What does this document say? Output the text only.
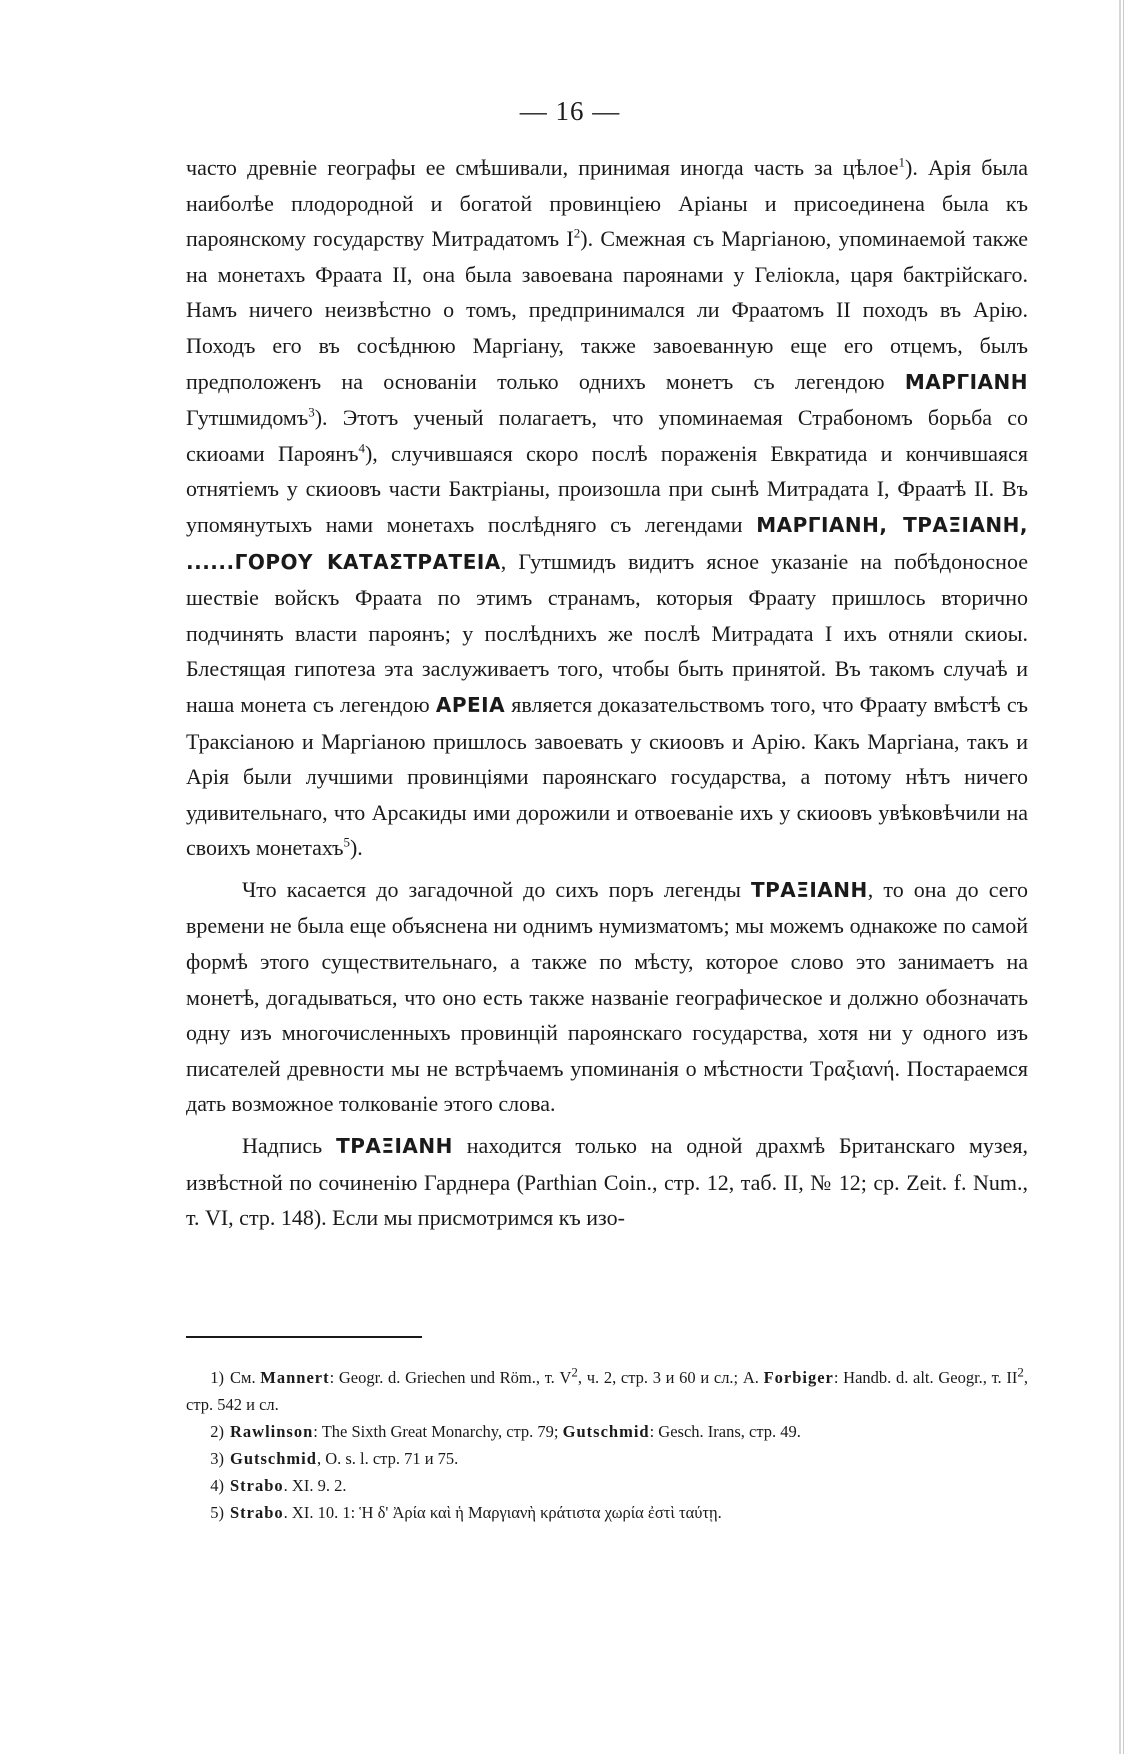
— 16 —

часто древніе географы ее смѣшивали, принимая иногда часть за цѣлое$^1$). Арія была наиболѣе плодородной и богатой провинціею Аріаны и присоединена была къ пароянскому государству Митрадатомъ $I^2$). Смежная съ Маргіаною, упоминаемой также на монетахъ Фраата II, она была завоевана пароянами у Геліокла, царя бактрійскаго. Намъ ничего неизвѣстно о томъ, предпринимался ли Фраатомъ II походъ въ Арію. Походъ его въ сосѣднюю Маргіану, также завоеванную еще его отцемъ, былъ предположенъ на основаніи только однихъ монетъ съ легендою ΜΑΡΓΙΑΝΗ Гутшмидомъ$^3$). Этотъ ученый полагаетъ, что упоминаемая Страбономъ борьба со скиоами Пароянъ$^4$), случившаяся скоро послѣ пораженія Евкратида и кончившаяся отнятіемъ у скиоовъ части Бактріаны, произошла при сынѣ Митрадата I, Фраатѣ II. Въ упомянутыхъ нами монетахъ послѣдняго съ легендами ΜΑΡΓΙΑΝΗ, ΤΡΑΞΙΑΝΗ, ......ΓΟΡΟΥ ΚΑΤΑΣΤΡΑΤΕΙΑ, Гутшмидъ видитъ ясное указаніе на побѣдоносное шествіе войскъ Фраата по этимъ странамъ, которыя Фраату пришлось вторично подчинять власти пароянъ; у послѣднихъ же послѣ Митрадата I ихъ отняли скиоы. Блестящая гипотеза эта заслуживаетъ того, чтобы быть принятой. Въ такомъ случаѣ и наша монета съ легендою ΑΡΕΙΑ является доказательствомъ того, что Фраату вмѣстѣ съ Траксіаною и Маргіаною пришлось завоевать у скиоовъ и Арію. Какъ Маргіана, такъ и Арія были лучшими провинціями пароянскаго государства, а потому нѣтъ ничего удивительнаго, что Арсакиды ими дорожили и отвоеваніе ихъ у скиоовъ увѣковѣчили на своихъ монетахъ$^5$).

Что касается до загадочной до сихъ поръ легенды ΤΡΑΞΙΑΝΗ, то она до сего времени не была еще объяснена ни однимъ нумизматомъ; мы можемъ однакоже по самой формѣ этого существительнаго, а также по мѣсту, которое слово это занимаетъ на монетѣ, догадываться, что оно есть также названіе географическое и должно обозначать одну изъ многочисленныхъ провинцій пароянскаго государства, хотя ни у одного изъ писателей древности мы не встрѣчаемъ упоминанія о мѣстности Τραξιανή. Постараемся дать возможное толкованіе этого слова.

Надпись ΤΡΑΞΙΑΝΗ находится только на одной драхмѣ Британскаго музея, извѣстной по сочиненію Гарднера (Parthian Coin., стр. 12, таб. II, № 12; ср. Zeit. f. Num., т. VI, стр. 148). Если мы присмотримся къ изо-

1) См. Mannert: Geogr. d. Griechen und Röm., т. $V^2$, ч. 2, стр. 3 и 60 и сл.; А. Forbiger: Handb. d. alt. Geogr., т. $II^2$, стр. 542 и сл.
2) Rawlinson: The Sixth Great Monarchy, стр. 79; Gutschmid: Gesch. Irans, стр. 49.
3) Gutschmid, O. s. l. стр. 71 и 75.
4) Strabo. XI. 9. 2.
5) Strabo. XI. 10. 1: Ἡ δ' Ἀρία καὶ ἡ Μαργιανὴ κράτιστα χωρία ἐστὶ ταύτῃ.
